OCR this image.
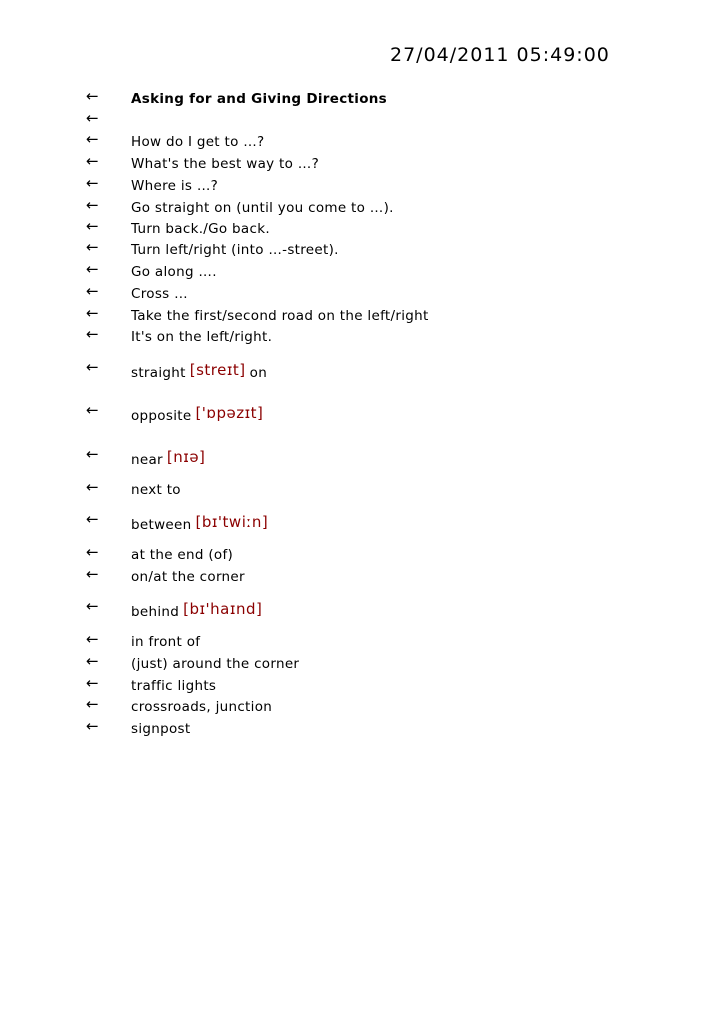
27/04/2011 05:49:00
← Asking for and Giving Directions
←
← How do I get to …?
← What's the best way to …?
← Where is …?
← Go straight on (until you come to …).
← Turn back./Go back.
← Turn left/right (into …-street).
← Go along ….
← Cross …
← Take the first/second road on the left/right
← It's on the left/right.
← straight [streɪt] on
← opposite ['ɒpəzɪt]
← near [nɪə]
← next to
← between [bɪ'twiːn]
← at the end (of)
← on/at the corner
← behind [bɪ'haɪnd]
← in front of
← (just) around the corner
← traffic lights
← crossroads, junction
← signpost
